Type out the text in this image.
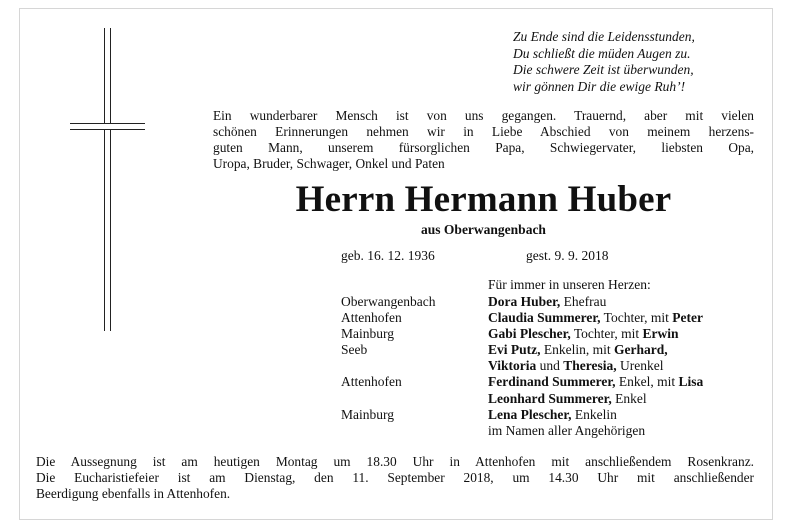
Zu Ende sind die Leidensstunden,
Du schließt die müden Augen zu.
Die schwere Zeit ist überwunden,
wir gönnen Dir die ewige Ruh’!
Ein wunderbarer Mensch ist von uns gegangen. Trauernd, aber mit vielen
schönen Erinnerungen nehmen wir in Liebe Abschied von meinem herzens-
guten Mann, unserem fürsorglichen Papa, Schwiegervater, liebsten Opa,
Uropa, Bruder, Schwager, Onkel und Paten
Herrn Hermann Huber
aus Oberwangenbach
geb. 16. 12. 1936	gest. 9. 9. 2018
Für immer in unseren Herzen:
Oberwangenbach
Attenhofen
Mainburg
Seeb
Attenhofen
Mainburg
Dora Huber, Ehefrau
Claudia Summerer, Tochter, mit Peter
Gabi Plescher, Tochter, mit Erwin
Evi Putz, Enkelin, mit Gerhard,
Viktoria und Theresia, Urenkel
Ferdinand Summerer, Enkel, mit Lisa
Leonhard Summerer, Enkel
Lena Plescher, Enkelin
im Namen aller Angehörigen
Die Aussegnung ist am heutigen Montag um 18.30 Uhr in Attenhofen mit anschließendem Rosenkranz.
Die Eucharistiefeier ist am Dienstag, den 11. September 2018, um 14.30 Uhr mit anschließender
Beerdigung ebenfalls in Attenhofen.
